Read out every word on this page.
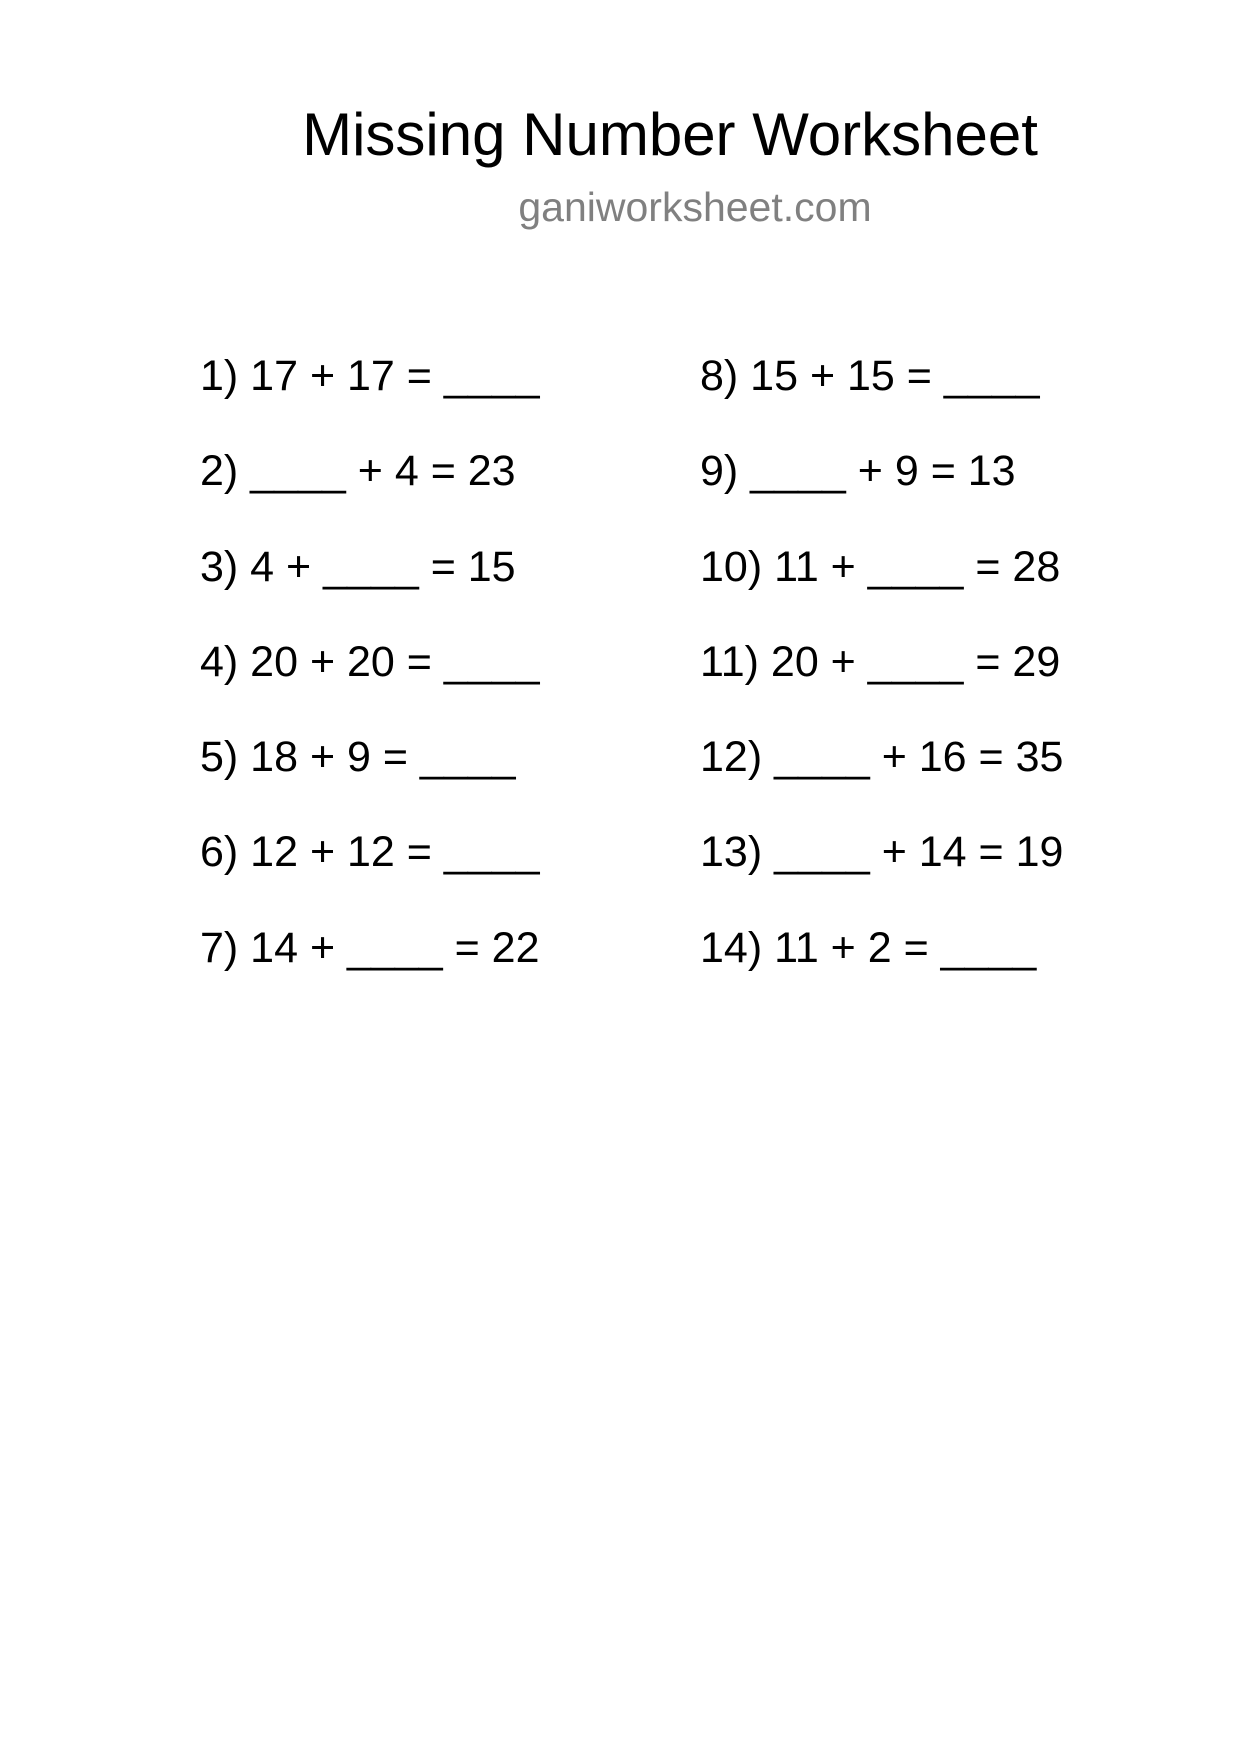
Missing Number Worksheet
ganiworksheet.com
1) 17 + 17 = ____
2) ____ + 4 = 23
3) 4 + ____ = 15
4) 20 + 20 = ____
5) 18 + 9 = ____
6) 12 + 12 = ____
7) 14 + ____ = 22
8) 15 + 15 = ____
9) ____ + 9 = 13
10) 11 + ____ = 28
11) 20 + ____ = 29
12) ____ + 16 = 35
13) ____ + 14 = 19
14) 11 + 2 = ____
